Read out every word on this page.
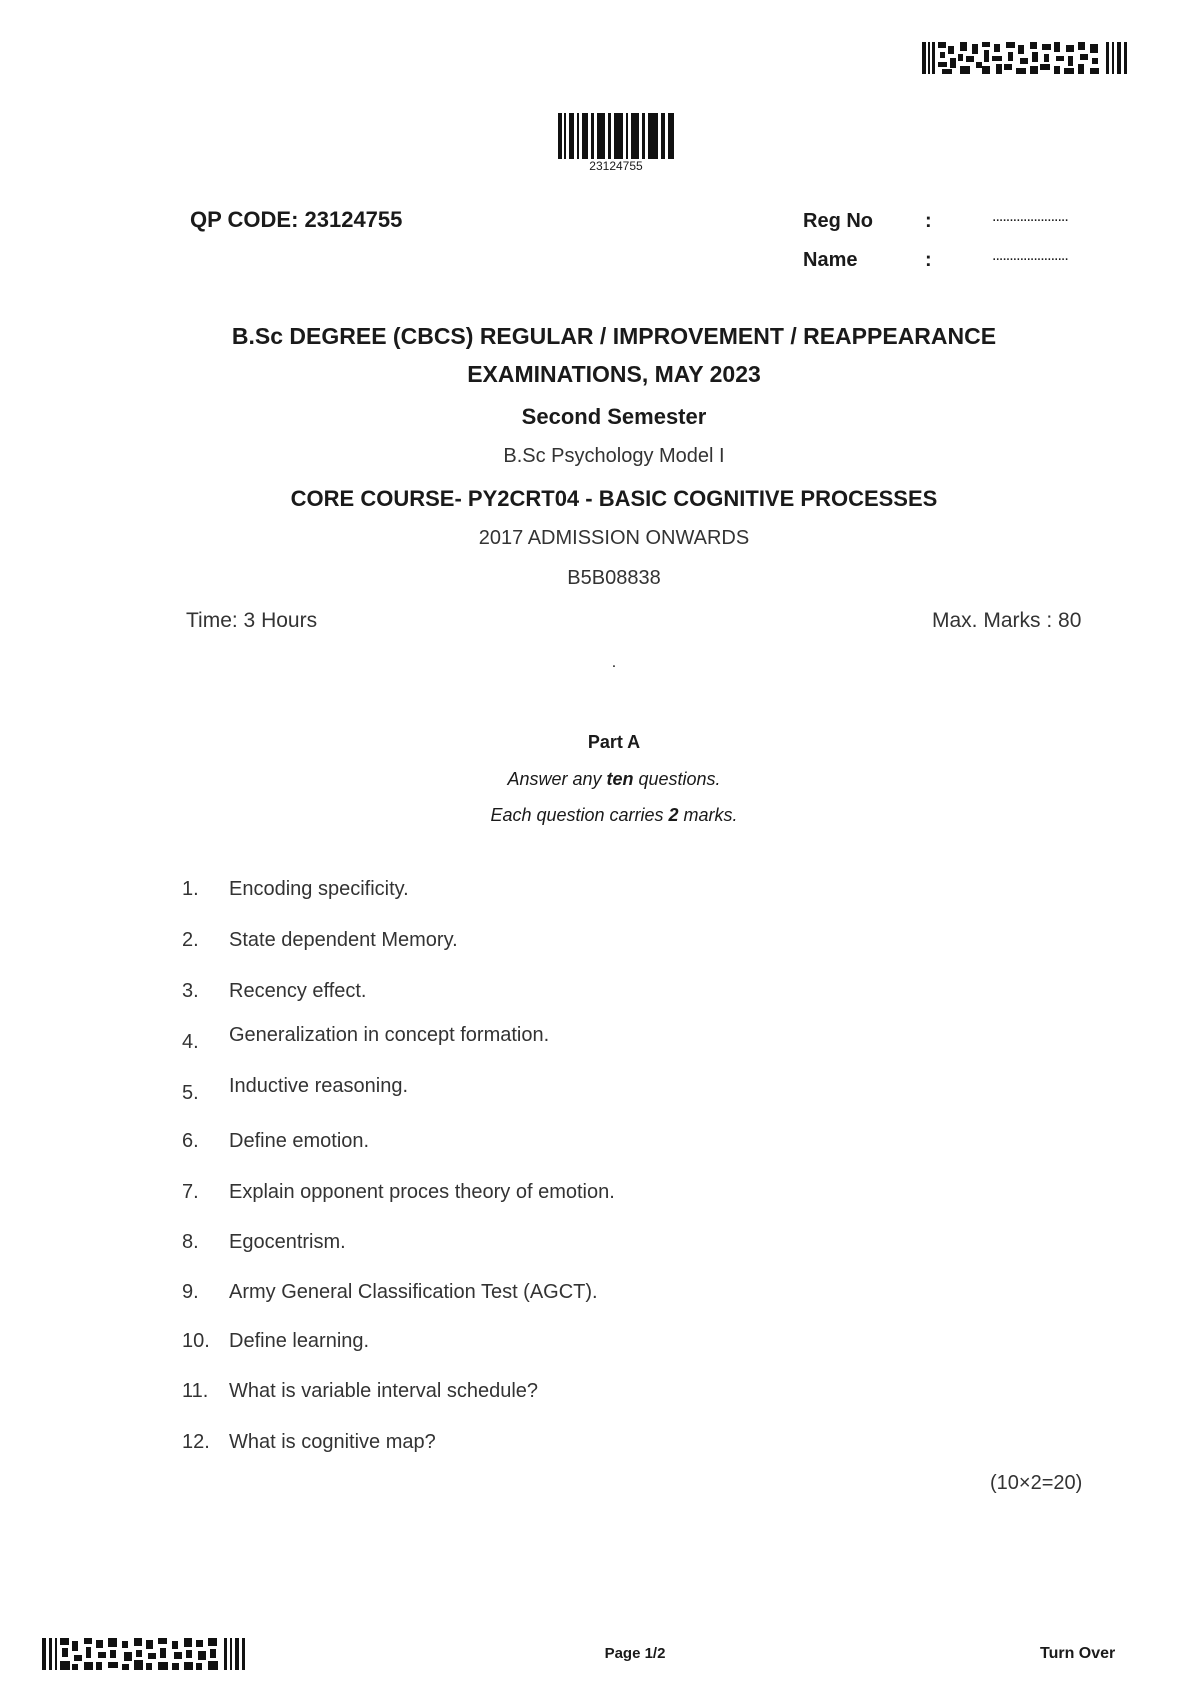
23124755
QP CODE: 23124755	Reg No	:	......................
Name	:	......................
B.Sc DEGREE (CBCS) REGULAR / IMPROVEMENT / REAPPEARANCE
EXAMINATIONS, MAY 2023
Second Semester
B.Sc Psychology Model I
CORE COURSE- PY2CRT04 - BASIC COGNITIVE PROCESSES
2017 ADMISSION ONWARDS
B5B08838
Time: 3 Hours	Max. Marks : 80
.
Part A
Answer any ten questions.
Each question carries 2 marks.
1. Encoding specificity.
2. State dependent Memory.
3. Recency effect.
4. Generalization in concept formation.
5. Inductive reasoning.
6. Define emotion.
7. Explain opponent proces theory of emotion.
8. Egocentrism.
9. Army General Classification Test (AGCT).
10. Define learning.
11. What is variable interval schedule?
12. What is cognitive map?
(10×2=20)
Page 1/2	Turn Over
